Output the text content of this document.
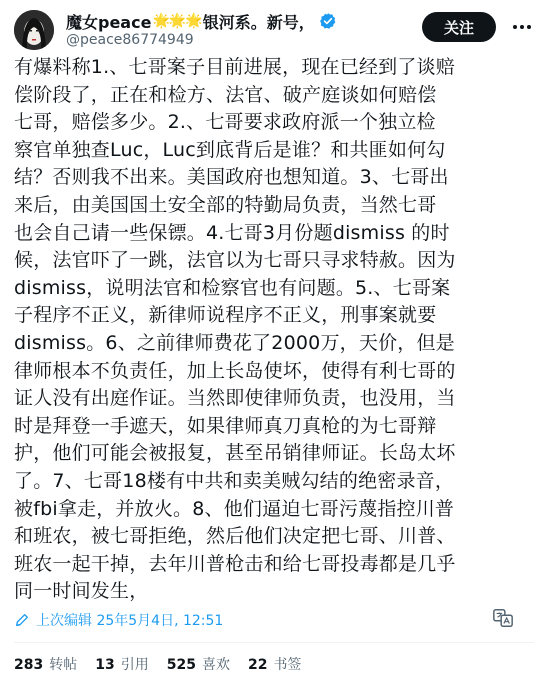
魔女peace 🌟🌟🌟 银河系。新号，
@peace86774949
关注
有爆料称1.、七哥案子目前进展，现在已经到了谈赔
偿阶段了，正在和检方、法官、破产庭谈如何赔偿
七哥，赔偿多少。2.、七哥要求政府派一个独立检
察官单独查Luc，Luc到底背后是谁？和共匪如何勾
结？否则我不出来。美国政府也想知道。3、七哥出
来后，由美国国土安全部的特勤局负责，当然七哥
也会自己请一些保镖。4.七哥3月份题dismiss 的时
候，法官吓了一跳，法官以为七哥只寻求特赦。因为
dismiss，说明法官和检察官也有问题。5.、七哥案
子程序不正义，新律师说程序不正义，刑事案就要
dismiss。6、之前律师费花了2000万，天价，但是
律师根本不负责任，加上长岛使坏，使得有利七哥的
证人没有出庭作证。当然即使律师负责，也没用，当
时是拜登一手遮天，如果律师真刀真枪的为七哥辩
护，他们可能会被报复，甚至吊销律师证。长岛太坏
了。7、七哥18楼有中共和卖美贼勾结的绝密录音，
被fbi拿走，并放火。8、他们逼迫七哥污蔑指控川普
和班农，被七哥拒绝，然后他们决定把七哥、川普、
班农一起干掉，去年川普枪击和给七哥投毒都是几乎
同一时间发生，
上次编辑 25年5月4日, 12:51
283 转帖 13 引用 525 喜欢 22 书签
